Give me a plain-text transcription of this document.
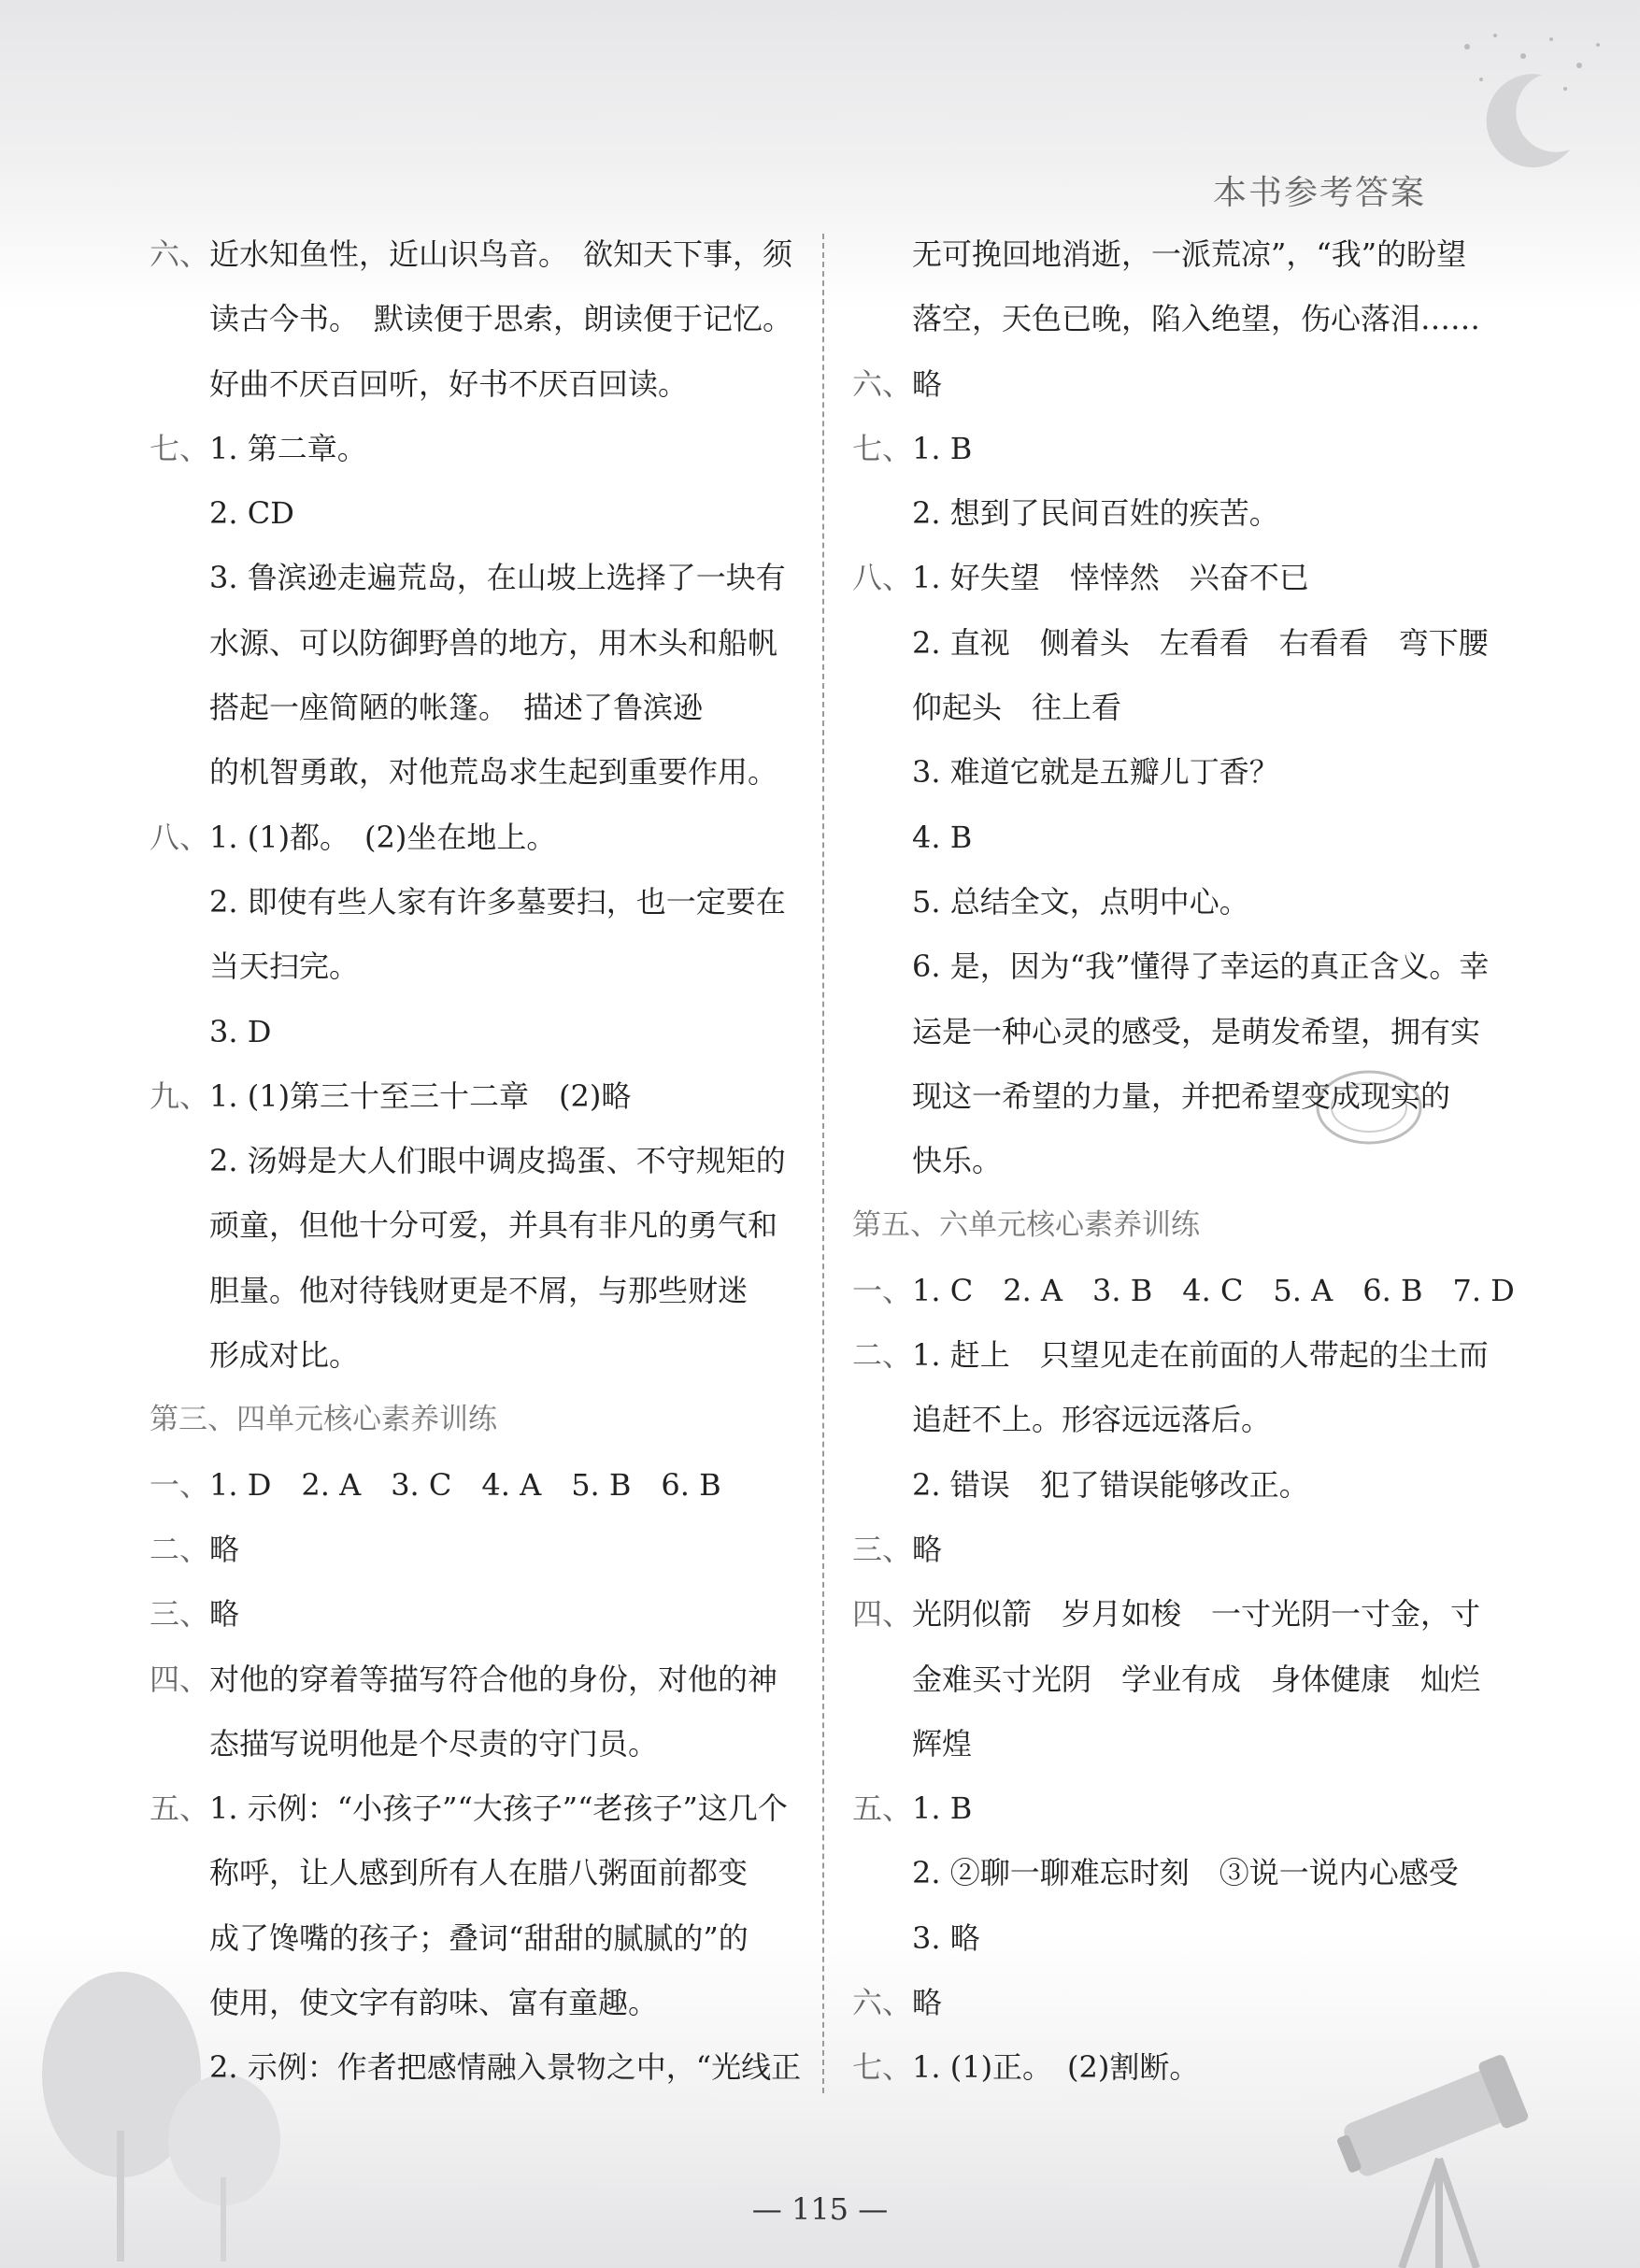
本书参考答案
六、近水知鱼性，近山识鸟音。　欲知天下事，须
读古今书。　默读便于思索，朗读便于记忆。
好曲不厌百回听，好书不厌百回读。
七、1. 第二章。
2. CD
3. 鲁滨逊走遍荒岛，在山坡上选择了一块有
水源、可以防御野兽的地方，用木头和船帆
搭起一座简陋的帐篷。　描述了鲁滨逊
的机智勇敢，对他荒岛求生起到重要作用。
八、1. (1)都。　(2)坐在地上。
2. 即使有些人家有许多墓要扫，也一定要在
当天扫完。
3. D
九、1. (1)第三十至三十二章　(2)略
2. 汤姆是大人们眼中调皮捣蛋、不守规矩的
顽童，但他十分可爱，并具有非凡的勇气和
胆量。他对待钱财更是不屑，与那些财迷
形成对比。
第三、四单元核心素养训练
一、1. D　2. A　3. C　4. A　5. B　6. B
二、略
三、略
四、对他的穿着等描写符合他的身份，对他的神
态描写说明他是个尽责的守门员。
五、1. 示例：“小孩子”“大孩子”“老孩子”这几个
称呼，让人感到所有人在腊八粥面前都变
成了馋嘴的孩子；叠词“甜甜的腻腻的”的
使用，使文字有韵味、富有童趣。
2. 示例：作者把感情融入景物之中，“光线正
无可挽回地消逝，一派荒凉”，“我”的盼望
落空，天色已晚，陷入绝望，伤心落泪……
六、略
七、1. B
2. 想到了民间百姓的疾苦。
八、1. 好失望　悻悻然　兴奋不已
2. 直视　侧着头　左看看　右看看　弯下腰
仰起头　往上看
3. 难道它就是五瓣儿丁香？
4. B
5. 总结全文，点明中心。
6. 是，因为“我”懂得了幸运的真正含义。幸
运是一种心灵的感受，是萌发希望，拥有实
现这一希望的力量，并把希望变成现实的
快乐。
第五、六单元核心素养训练
一、1. C　2. A　3. B　4. C　5. A　6. B　7. D
二、1. 赶上　只望见走在前面的人带起的尘土而
追赶不上。形容远远落后。
2. 错误　犯了错误能够改正。
三、略
四、光阴似箭　岁月如梭　一寸光阴一寸金，寸
金难买寸光阴　学业有成　身体健康　灿烂
辉煌
五、1. B
2. ②聊一聊难忘时刻　③说一说内心感受
3. 略
六、略
七、1. (1)正。　(2)割断。
— 115 —
